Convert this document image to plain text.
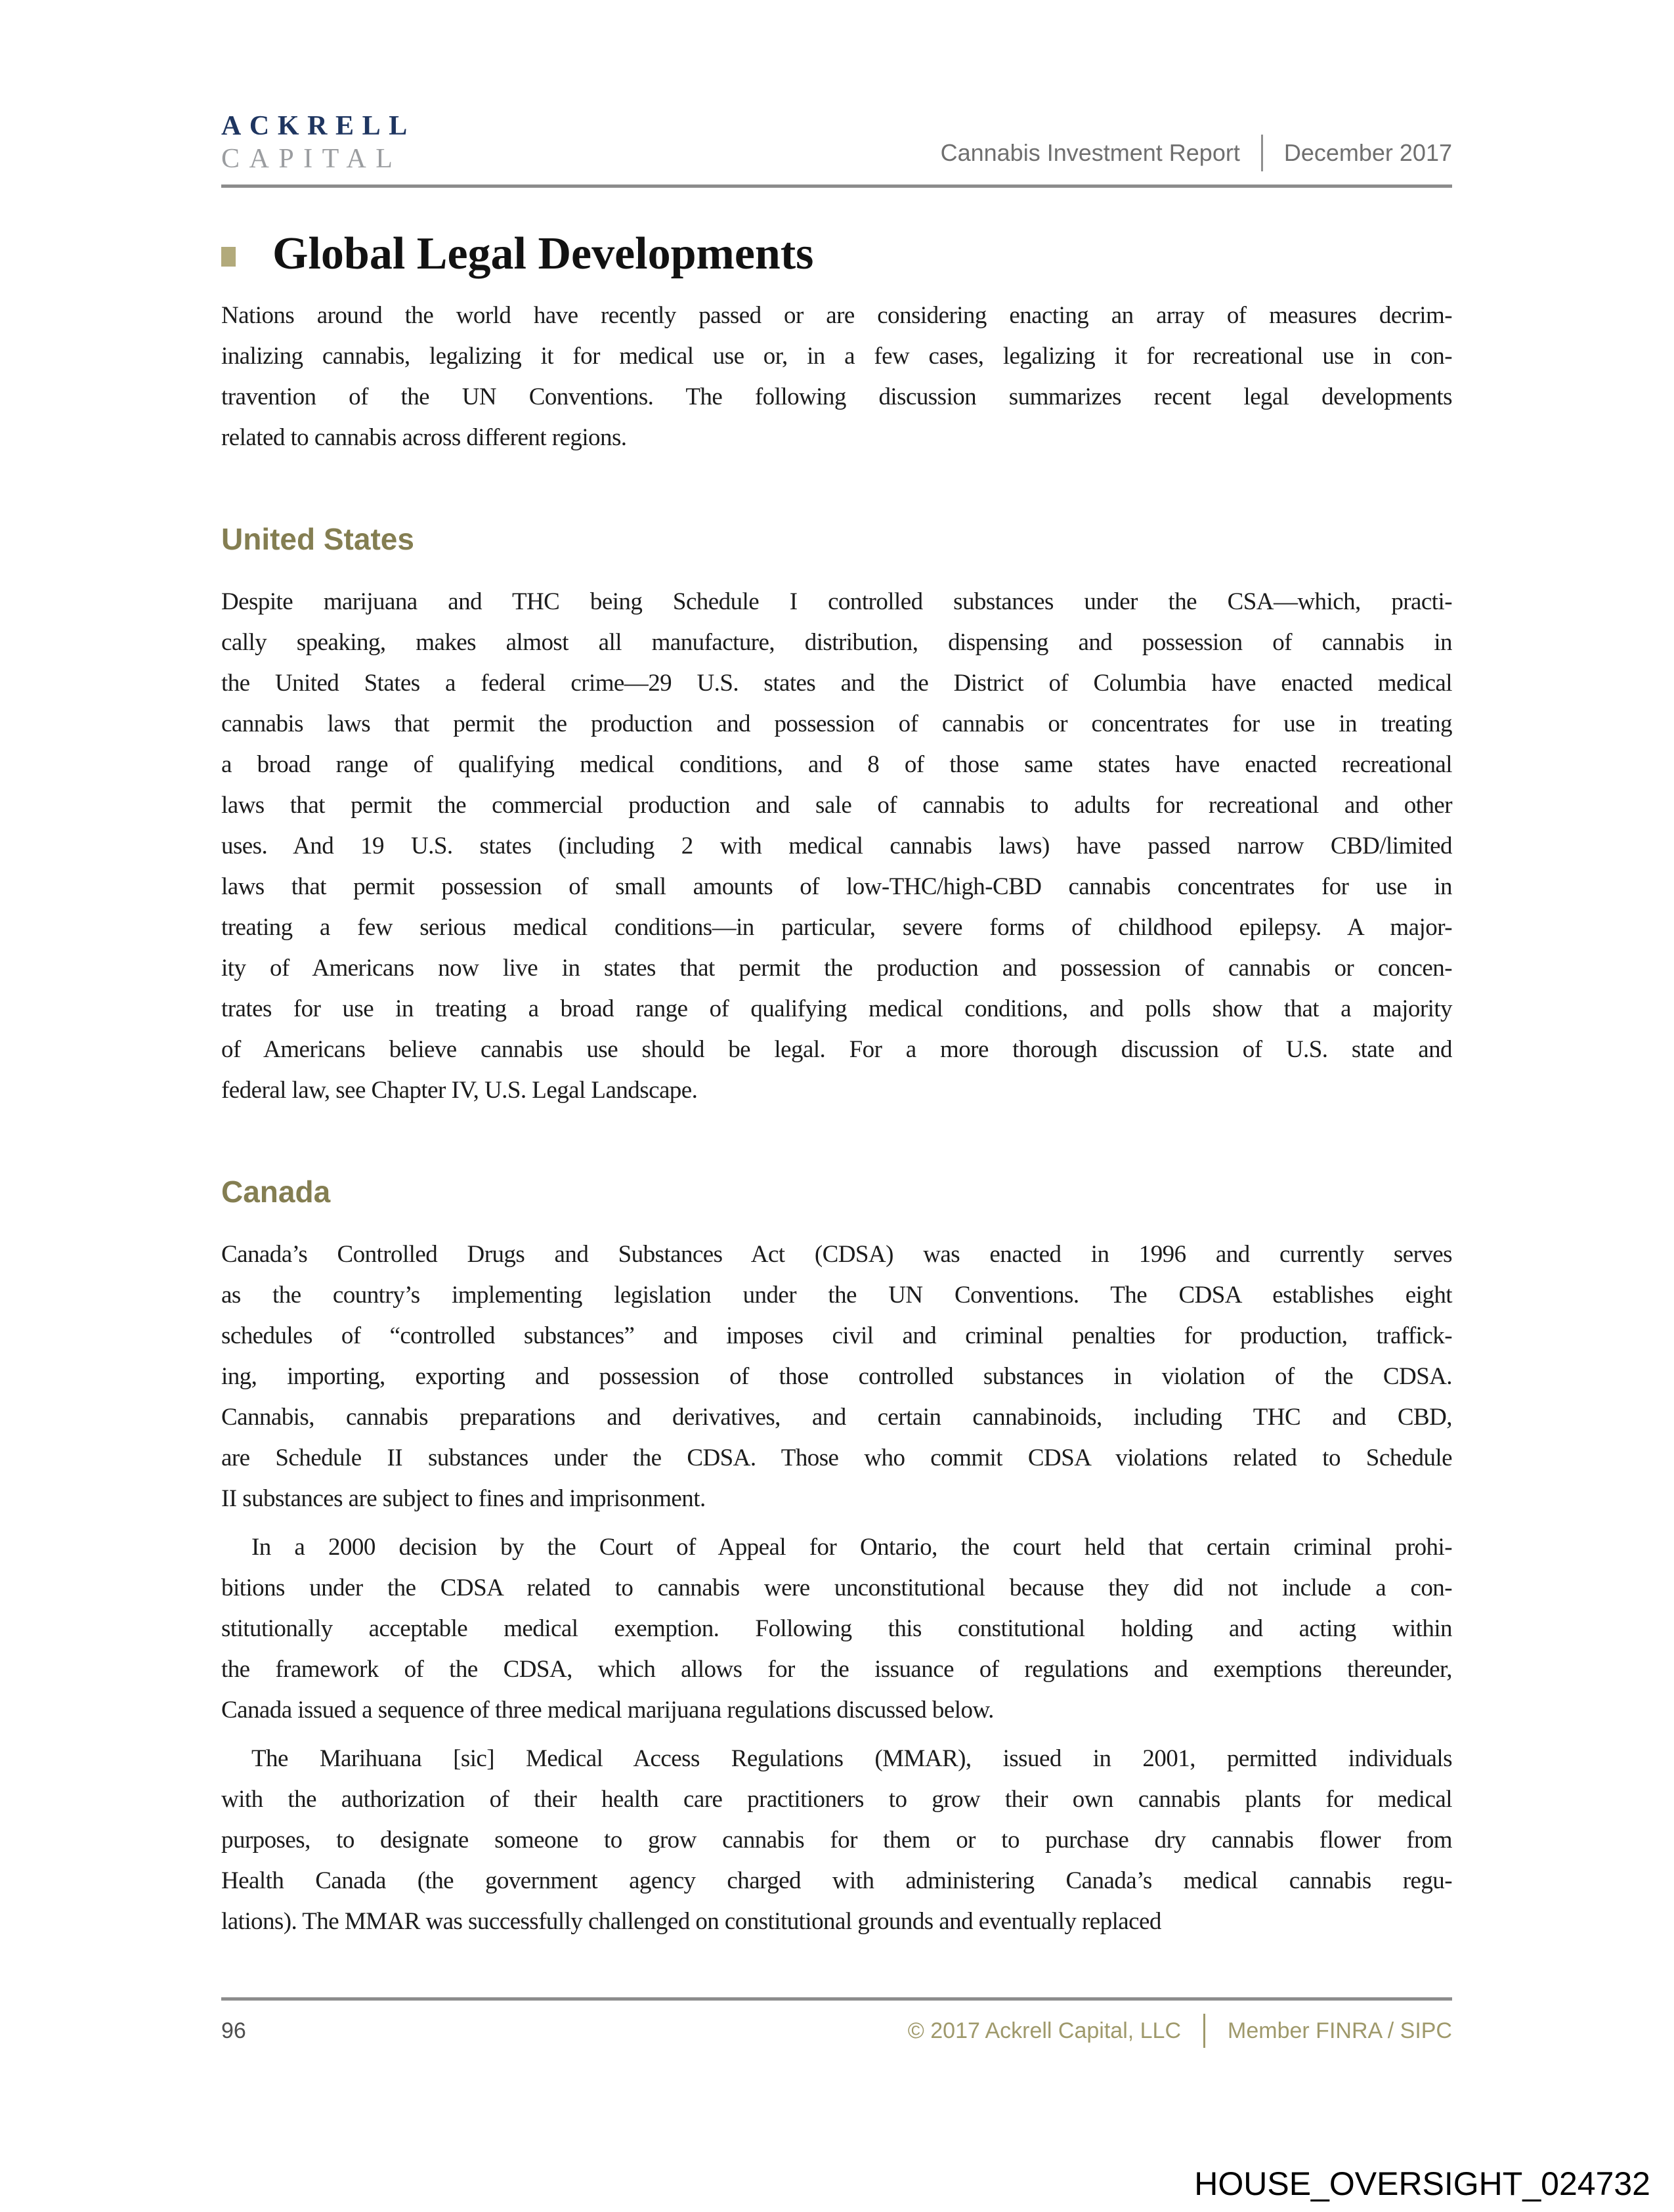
ACKRELL
CAPITAL	Cannabis Investment Report December 2017
Global Legal Developments
Nations around the world have recently passed or are considering enacting an array of measures decrim-
inalizing cannabis, legalizing it for medical use or, in a few cases, legalizing it for recreational use in con-
travention of the UN Conventions. The following discussion summarizes recent legal developments
related to cannabis across different regions.
United States
Despite marijuana and THC being Schedule I controlled substances under the CSA—which, practi-
cally speaking, makes almost all manufacture, distribution, dispensing and possession of cannabis in
the United States a federal crime—29 U.S. states and the District of Columbia have enacted medical
cannabis laws that permit the production and possession of cannabis or concentrates for use in treating
a broad range of qualifying medical conditions, and 8 of those same states have enacted recreational
laws that permit the commercial production and sale of cannabis to adults for recreational and other
uses. And 19 U.S. states (including 2 with medical cannabis laws) have passed narrow CBD/limited
laws that permit possession of small amounts of low-THC/high-CBD cannabis concentrates for use in
treating a few serious medical conditions—in particular, severe forms of childhood epilepsy. A major-
ity of Americans now live in states that permit the production and possession of cannabis or concen-
trates for use in treating a broad range of qualifying medical conditions, and polls show that a majority
of Americans believe cannabis use should be legal. For a more thorough discussion of U.S. state and
federal law, see Chapter IV, U.S. Legal Landscape.
Canada
Canada’s Controlled Drugs and Substances Act (CDSA) was enacted in 1996 and currently serves
as the country’s implementing legislation under the UN Conventions. The CDSA establishes eight
schedules of “controlled substances” and imposes civil and criminal penalties for production, traffick-
ing, importing, exporting and possession of those controlled substances in violation of the CDSA.
Cannabis, cannabis preparations and derivatives, and certain cannabinoids, including THC and CBD,
are Schedule II substances under the CDSA. Those who commit CDSA violations related to Schedule
II substances are subject to fines and imprisonment.
In a 2000 decision by the Court of Appeal for Ontario, the court held that certain criminal prohi-
bitions under the CDSA related to cannabis were unconstitutional because they did not include a con-
stitutionally acceptable medical exemption. Following this constitutional holding and acting within
the framework of the CDSA, which allows for the issuance of regulations and exemptions thereunder,
Canada issued a sequence of three medical marijuana regulations discussed below.
The Marihuana [sic] Medical Access Regulations (MMAR), issued in 2001, permitted individuals
with the authorization of their health care practitioners to grow their own cannabis plants for medical
purposes, to designate someone to grow cannabis for them or to purchase dry cannabis flower from
Health Canada (the government agency charged with administering Canada’s medical cannabis regu-
lations). The MMAR was successfully challenged on constitutional grounds and eventually replaced
96	© 2017 Ackrell Capital, LLC Member FINRA / SIPC
HOUSE_OVERSIGHT_024732
